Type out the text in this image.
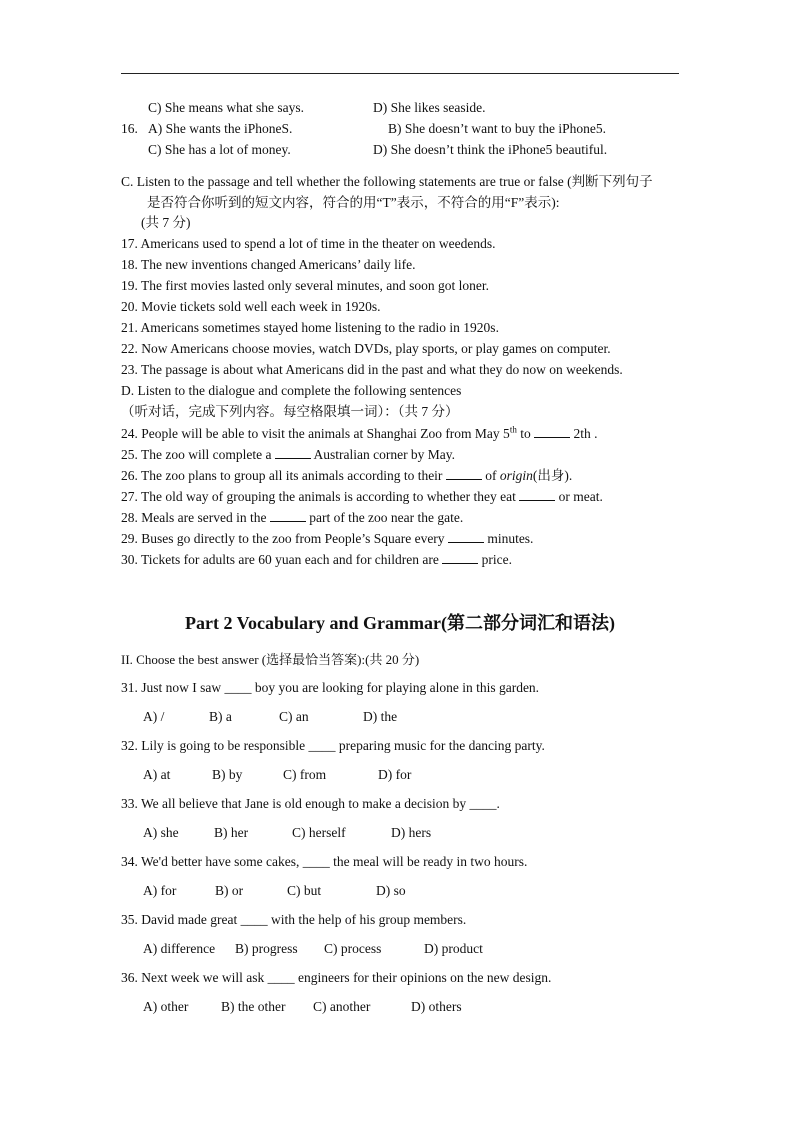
C) She means what she says.	D) She likes seaside.
16. A) She wants the iPhoneS.	B) She doesn’t want to buy the iPhone5.
C) She has a lot of money.	D) She doesn’t think the iPhone5 beautiful.
C. Listen to the passage and tell whether the following statements are true or false (判断下列句子
是否符合你听到的短文内容，符合的用“T”表示，不符合的用“F”表示):
(共 7 分)
17. Americans used to spend a lot of time in the theater on weedends.
18. The new inventions changed Americans’ daily life.
19. The first movies lasted only several minutes, and soon got loner.
20. Movie tickets sold well each week in 1920s.
21. Americans sometimes stayed home listening to the radio in 1920s.
22. Now Americans choose movies, watch DVDs, play sports, or play games on computer.
23. The passage is about what Americans did in the past and what they do now on weekends.
D. Listen to the dialogue and complete the following sentences
（听对话，完成下列内容。每空格限填一词）：（共 7 分）
24. People will be able to visit the animals at Shanghai Zoo from May 5th to	2th .
25. The zoo will complete a	Australian corner by May.
26. The zoo plans to group all its animals according to their	of origin(出身).
27. The old way of grouping the animals is according to whether they eat	or meat.
28. Meals are served in the	part of the zoo near the gate.
29. Buses go directly to the zoo from People’s Square every	minutes.
30. Tickets for adults are 60 yuan each and for children are	price.
Part 2 Vocabulary and Grammar(第二部分词汇和语法)
II. Choose the best answer (选择最恰当答案):(共 20 分)
31. Just now I saw ____ boy you are looking for playing alone in this garden.
A) /	B) a	C) an	D) the
32. Lily is going to be responsible ____ preparing music for the dancing party.
A) at	B) by	C) from	D) for
33. We all believe that Jane is old enough to make a decision by ____.
A) she	B) her	C) herself	D) hers
34. We'd better have some cakes, ____ the meal will be ready in two hours.
A) for	B) or	C) but	D) so
35. David made great ____ with the help of his group members.
A) difference B) progress C) process	D) product
36. Next week we will ask ____ engineers for their opinions on the new design.
A) other B) the other C) another	D) others
